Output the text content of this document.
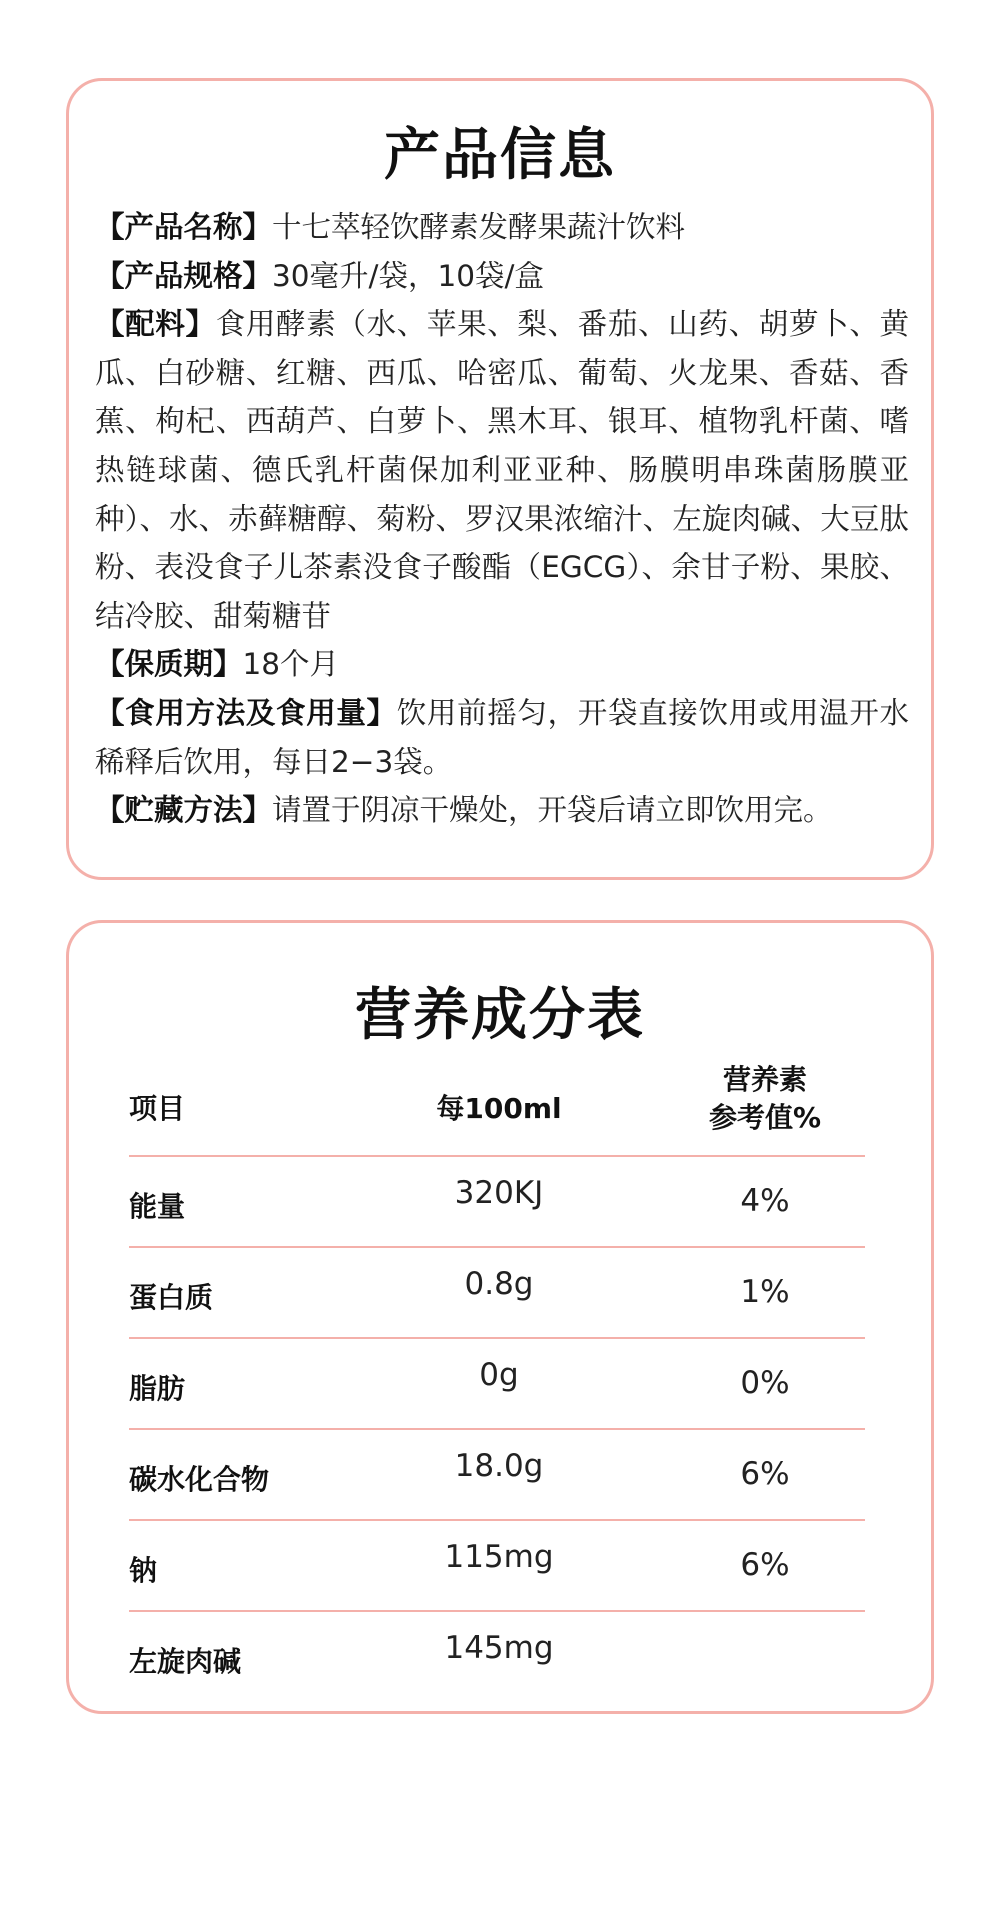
产品信息

【产品名称】十七萃轻饮酵素发酵果蔬汁饮料

【产品规格】30毫升/袋，10袋/盒

【配料】食用酵素（水、苹果、梨、番茄、山药、胡萝卜、黄瓜、白砂糖、红糖、西瓜、哈密瓜、葡萄、火龙果、香菇、香蕉、枸杞、西葫芦、白萝卜、黑木耳、银耳、植物乳杆菌、嗜热链球菌、德氏乳杆菌保加利亚亚种、肠膜明串珠菌肠膜亚种）、水、赤藓糖醇、菊粉、罗汉果浓缩汁、左旋肉碱、大豆肽粉、表没食子儿茶素没食子酸酯（EGCG）、余甘子粉、果胶、结冷胶、甜菊糖苷

【保质期】18个月

【食用方法及食用量】饮用前摇匀，开袋直接饮用或用温开水稀释后饮用，每日2−3袋。

【贮藏方法】请置于阴凉干燥处，开袋后请立即饮用完。

营养成分表
项目	每100ml
营养素
参考值%
能量	320KJ	4%
蛋白质	0.8g	1%
脂肪	0g	0%
碳水化合物	18.0g	6%
钠	115mg	6%
左旋肉碱	145mg
